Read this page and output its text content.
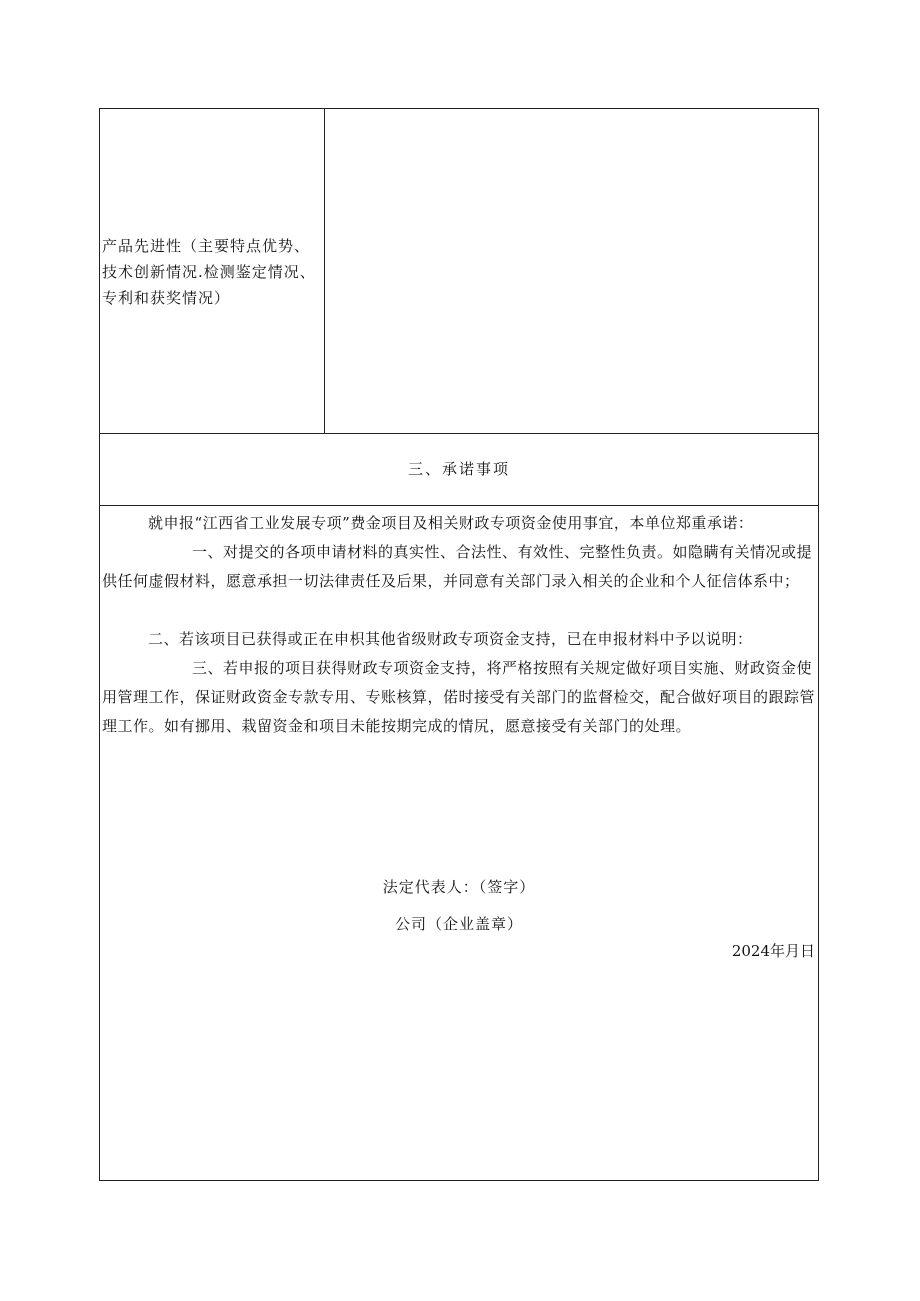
产品先进性（主要特点优势、技术创新情况.检测鉴定情况、专利和获奖情况）
三、承诺事项

就申报“江西省工业发展专项”费金项目及相关财政专项资金使用事宜，本单位郑重承诺：

一、对提交的各项申请材料的真实性、合法性、有效性、完整性负责。如隐瞒有关情况或提供任何虚假材料，愿意承担一切法律责任及后果，并同意有关部门录入相关的企业和个人征信体系中；

二、若该项目已获得或正在申枳其他省级财政专项资金支持，已在申报材料中予以说明：

三、若申报的项目获得财政专项资金支持，将严格按照有关规定做好项目实施、财政资金使用管理工作，保证财政资金专款专用、专账核算，偌时接受有关部门的监督检交，配合做好项目的跟踪管理工作。如有挪用、栽留资金和项目未能按期完成的情尻，愿意接受有关部门的处理。

法定代表人：（签字）
公司（企业盖章）
2024年月日
